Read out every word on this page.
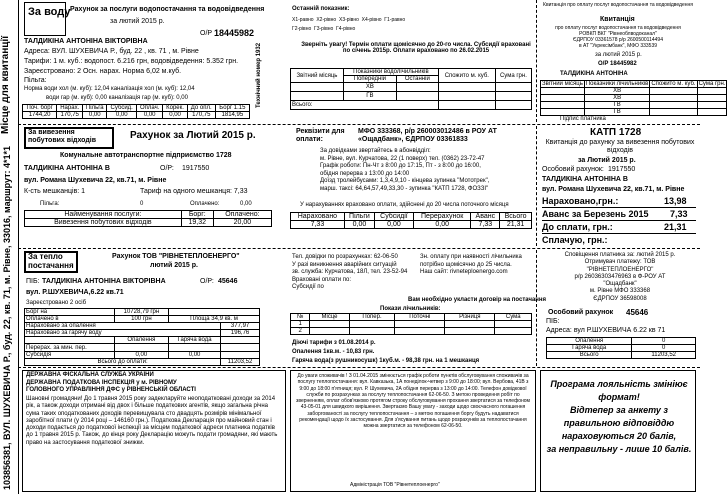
Місце для квитанції
103856381, ВУЛ. ШУХЕВИЧА Р., буд. 22, кв. 71, м. Рівне, 33016, маршрут: 4*1*1
За воду Рахунок за послуги водопостачання та водовідведення
за лютий 2015 р.
О/Р 18445982
ТАЛДИКІНА АНТОНІНА ВІКТОРІВНА
Адреса: ВУЛ. ШУХЕВИЧА Р., буд. 22 , кв. 71 , м. Рівне
Тарифи: 1 м. куб.: водопост. 6.216 грн, водовідведення: 5.352 грн.
Зареєстровано: 2 Осн. нарах. Норма 6,02 м.куб.
Пільга:
Норма води хол (м. куб): 12,04 каналізація хол (м. куб): 12,04
води гар (м. куб): 0,00 каналізація гар (м. куб): 0,00
Поч. борг	Нарах.	Пільга	Субсид.	Оплач.	Корек.	До опл.	Борг 1.15
1744,20	170,75	0,00	0,00	0,00	0,00	170,75	1814,95
Технічний номер 1932
Останній показник:
Х1-равно Х2-рівно Х3-рівно Х4-рівно Г1-равно
Г2-рівно Г3-рівно Г4-рівно
Зверніть увагу! Термін оплати щомісячно до 20-го числа. Субсидії враховані по січень 2015р. Оплати враховано по 26.02.2015
Звітний місяць	Показники водолічильників		Спожито м. куб.	Сума грн.
	Попередній	Останній		
	ХВ			
	ГВ			
Всього:				
Квитанція про оплату послуг водопостачання та водовідведення
Квитанція
про оплату послуг водопостачання та водовідведення
РОВКП ВКГ "Рівнеоблводоканал"
ЄДРПОУ 03361578 р/р 2600500114494
в АТ "Укрексімбанк", МФО 333539
за лютий 2015 р.
О/Р 18445982
ТАЛДИКІНА АНТОНІНА
Звітний місяць	Показники лічильників	Спожито м. куб.	Сума грн.
	ХВ		
	ХВ		
	ГВ		
	ГВ		
Підпис платника
За вивезення побутових відходів	Рахунок за Лютий 2015 р.
Комунальне автотранспортне підприємство 1728
ТАЛДИКІНА АНТОНІНА В	О/Р: 1917550
вул. Романа Шухевича 22, кв.71, м. Рівне
К-сть мешканців: 1	Тариф на одного мешканця: 7,33
Пільга:	0	Оплачено:	0,00
Найменування послуги:	Борг:	Оплачено:
Вивезення побутових відходів	19,32	20,00
Реквізити для оплати:
МФО 333368, р/р 260003012486 в РОУ АТ «Ощадбанк», ЄДРПОУ 03361833
За довідками звертайтесь в абонвідділ:
м. Рівне, вул. Курчатова, 22 (1 поверх) тел. (0362) 23-72-47
Графік роботи: Пн-Чт з 8:00 до 17:15, Пт - з 8:00 до 16:00,
обідня перерва з 13:00 до 14:00
Доїзд тролейбусами: 1,3,4,9,10 - кінцева зупинка "Мототрек",
марш. таксі: 64,64,57,49,33,30 - зупинка "КАТП 1728, ФОЗЗІ"
У нарахуваннях враховано оплати, здійснені до 20 числа поточного місяця
Нараховано	Пільги	Субсидії	Перерахунок	Аванс	Всього
7,33	0,00	0,00	0,00	7,33	21,31
КАТП 1728
Квитанція до рахунку за вивезення побутових відходів
за Лютий 2015 р.
Особовий рахунок: 1917550
ТАЛДИКІНА АНТОНІНА В
вул. Романа Шухевича 22, кв.71, м. Рівне
Нараховано,грн.:	13,98
Аванс за Березень 2015 7,33
До сплати, грн.:	21,31
Сплачую, грн.:
За тепло
постачання
Рахунок ТОВ "РІВНЕТЕПЛОЕНЕРГО"
лютий 2015 р.
ПІБ: ТАЛДИКІНА АНТОНІНА ВІКТОРІВНА	О/Р: 45646
вул. Р.ШУХЕВИЧА,6.22 кв.71
Зареєстровано 2 осіб
Борг на	10728,79 грн		
Оплачено в	100 грн	Площа 34,9 кв. м	
Нараховано за опалення			377,97
Нараховано за гарячу воду			196,76
	Опалення	Гаряча вода	
Перерах. за мин. пер.			
Субсидія	0,00	0,00	
Всього до оплати:			11203,52
Тел. довідки по розрахунках: 62-06-50
У разі виникнення аварійних ситуацій
зв. служба: Курчатова, 18Л, тел. 23-52-94
Враховані оплати по:
Субсидії по
Зн. оплату при наявності лічильника
потрібно щомісячно до 25 числа.
Наш сайт: rivneteploenergo.com
Вам необхідно укласти договір на постачання
Покази лічильників:
№	Місце	Попер.	Поточні	Різниця	Сума
1					
2					
Діючі тарифи з 01.08.2014 р.
Опалення 1кв.м. - 10,83 грн.
Гаряча вода(з рушникосушк) 1куб.м. - 98,38 грн. на 1 мешканця
Сповіщення платника за: лютий 2015 р.
Отримувач платежу: ТОВ
"РІВНЕТЕПЛОЕНЕРГО"
р/р 26036303476963 в Ф-РОУ АТ
"Ощадбанк"
м. Рівне МФО 333368
ЄДРПОУ 36598008
Особовий рахунок 45646
ПІБ:
Адреса: вул Р.ШУХЕВИЧА 6.22 кв 71
Опалення	0
Гаряча вода	0
Всього	11203,52
ДЕРЖАВНА ФІСКАЛЬНА СЛУЖБА УКРАЇНИ
ДЕРЖАВНА ПОДАТКОВА ІНСПЕКЦІЯ у м. РІВНОМУ
ГОЛОВНОГО УПРАВЛІННЯ ДФС у РІВНЕНСЬКІЙ ОБЛАСТІ
Шановні громадяни! До 1 травня 2015 року задекларуйте неоподатковані доходи за 2014 рік, а також доходи отримані від двох і більше податкових агентів, якщо загальна річна сума таких оподаткованих доходів перевищувала сто двадцять розмірів мінімальної заробітної плати (у 2014 році – 146160 грн.). Податкова Декларація про майновий стан і доходи подається до податкової інспекції за місцем податкової адреси платника податків до 1 травня 2015 р. Також, до кінця року Декларацію можуть подати громадяни, які мають право на застосування податкової знижки.
До уваги споживачів ! З 01.04.2015 змінюється графік роботи пунктів обслуговування споживачів за послугу теплопостачання: вул. Кавказька, 1А понеділок-четвер з 9:00 до 18:00; вул. Вербова, 41В з 9:00 до 18:00 п'ятниця; вул. Р. Шухевича, 2А обідня перерва з 13:00 до 14:00. Телефон довідкової служби по розрахунках за послугу теплопостачання 62-06-50. З метою проведення робіт по зверненням, оплат обов'язково протягом строку обслуговування прохання звертатися за телефоном 43-05-01 для швидкого вирішення. Звертаємо Вашу увагу - заходи щодо своєчасного погашення заборгованості за послугу теплопостачання – з метою погашення боргу будуть надаватися рекомендації щодо їх застосування. Для з'ясування питань щодо розрахунків за теплопостачання можна звертатися за телефоном 62-06-50.
Адміністрація ТОВ "Рівнетеплоенерго"
Програма лояльність змініює формат!
Відтепер за анкету з правильною відповіддю
нараховуються 20 балів,
за неправильну - лише 10 балів.
